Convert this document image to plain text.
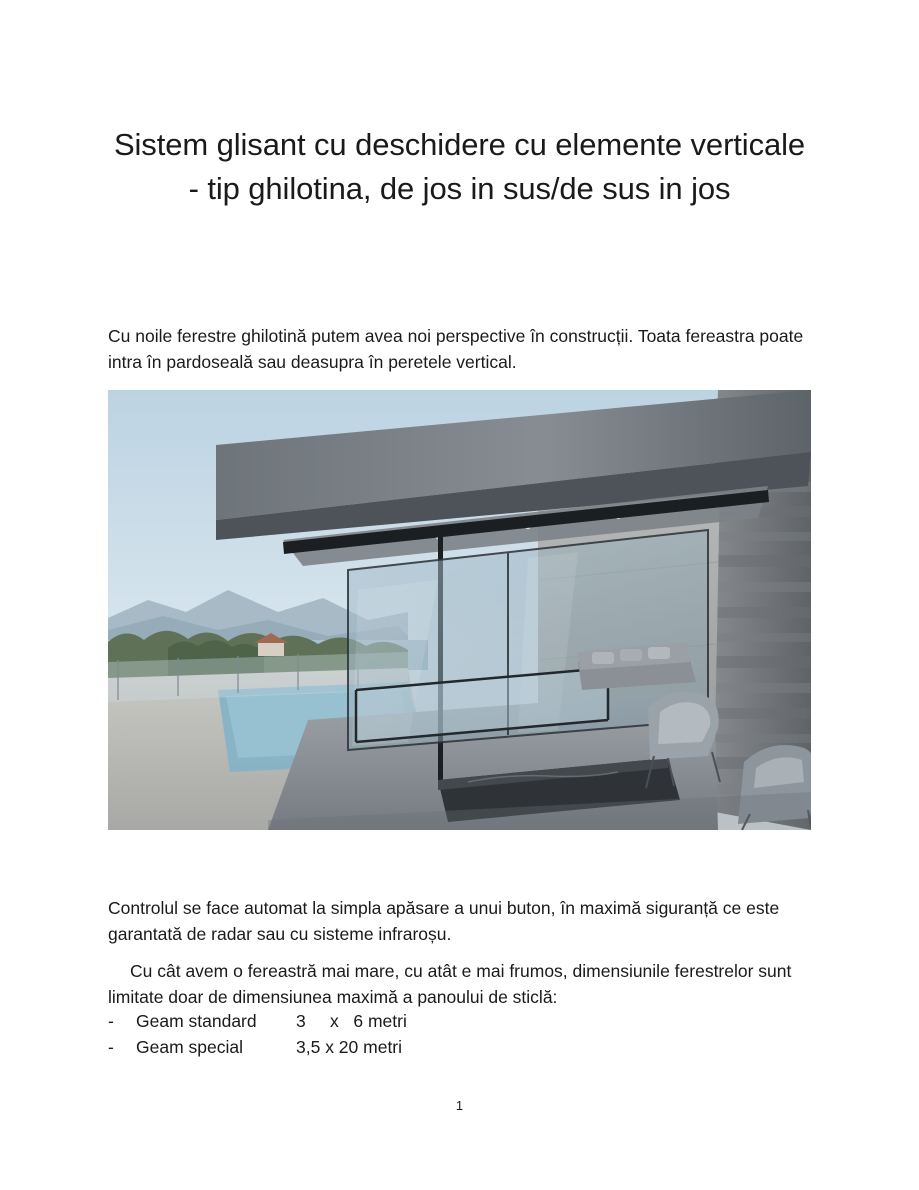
Sistem glisant cu deschidere cu elemente verticale - tip ghilotina, de jos in sus/de sus in jos

Cu noile ferestre ghilotină putem avea noi perspective în construcții. Toata fereastra poate intra în pardoseală sau deasupra în peretele vertical.

Controlul se face automat la simpla apăsare a unui buton, în maximă siguranță ce este garantată de radar sau cu sisteme infraroșu.

Cu cât avem o fereastră mai mare, cu atât e mai frumos, dimensiunile ferestrelor sunt limitate doar de dimensiunea maximă a panoului de sticlă:

-	Geam standard	3     x   6 metri
-	Geam special	3,5 x 20 metri
1
